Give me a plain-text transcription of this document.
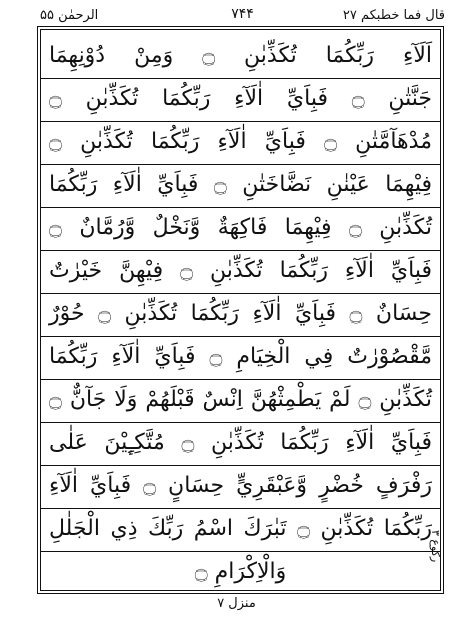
الرحمٰن ۵۵	۷۴۴	قال فما خطبکم ۲۷
اَلَآءِ رَبِّكُمَا تُكَذِّبٰنِ ۝ وَمِنْ دُوْنِهِمَا
جَنَّتٰنِ ۝ فَبِاَيِّ اٰلَآءِ رَبِّكُمَا تُكَذِّبٰنِ ۝
مُدْهَآمَّتٰنِ ۝ فَبِاَيِّ اٰلَآءِ رَبِّكُمَا تُكَذِّبٰنِ ۝
فِيْهِمَا عَيْنٰنِ نَضَّاخَتٰنِ ۝ فَبِاَيِّ اٰلَآءِ رَبِّكُمَا
تُكَذِّبٰنِ ۝ فِيْهِمَا فَاكِهَةٌ وَّنَخْلٌ وَّرُمَّانٌ ۝
فَبِاَيِّ اٰلَآءِ رَبِّكُمَا تُكَذِّبٰنِ ۝ فِيْهِنَّ خَيْرٰتٌ
حِسَانٌ ۝ فَبِاَيِّ اٰلَآءِ رَبِّكُمَا تُكَذِّبٰنِ ۝ حُوْرٌ
مَّقْصُوْرٰتٌ فِي الْخِيَامِ ۝ فَبِاَيِّ اٰلَآءِ رَبِّكُمَا
تُكَذِّبٰنِ ۝ لَمْ يَطْمِثْهُنَّ اِنْسٌ قَبْلَهُمْ وَلَا جَآنٌّ ۝
فَبِاَيِّ اٰلَآءِ رَبِّكُمَا تُكَذِّبٰنِ ۝ مُتَّكِـِٕيْنَ عَلٰى
رَفْرَفٍ خُضْرٍ وَّعَبْقَرِيٍّ حِسَانٍ ۝ فَبِاَيِّ اٰلَآءِ
رَبِّكُمَا تُكَذِّبٰنِ ۝ تَبٰرَكَ اسْمُ رَبِّكَ ذِي الْجَلٰلِ
وَالْاِكْرَامِ ۝
ركوع ۳
منزل ۷
